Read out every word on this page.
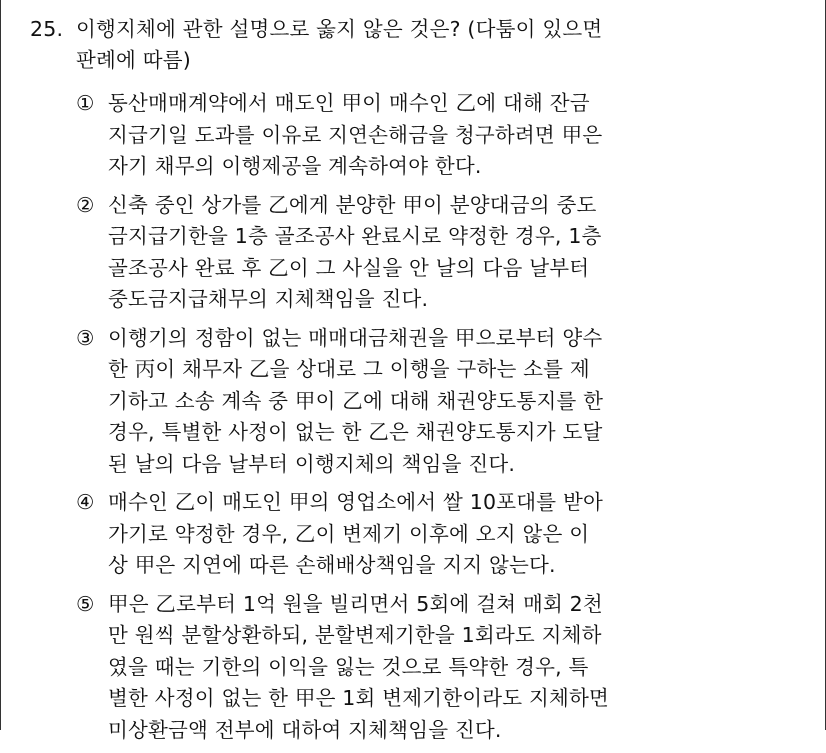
25. 이행지체에 관한 설명으로 옳지 않은 것은? (다툼이 있으면
판례에 따름)
① 동산매매계약에서 매도인 甲이 매수인 乙에 대해 잔금
지급기일 도과를 이유로 지연손해금을 청구하려면 甲은
자기 채무의 이행제공을 계속하여야 한다.
② 신축 중인 상가를 乙에게 분양한 甲이 분양대금의 중도
금지급기한을 1층 골조공사 완료시로 약정한 경우, 1층
골조공사 완료 후 乙이 그 사실을 안 날의 다음 날부터
중도금지급채무의 지체책임을 진다.
③ 이행기의 정함이 없는 매매대금채권을 甲으로부터 양수
한 丙이 채무자 乙을 상대로 그 이행을 구하는 소를 제
기하고 소송 계속 중 甲이 乙에 대해 채권양도통지를 한
경우, 특별한 사정이 없는 한 乙은 채권양도통지가 도달
된 날의 다음 날부터 이행지체의 책임을 진다.
④ 매수인 乙이 매도인 甲의 영업소에서 쌀 10포대를 받아
가기로 약정한 경우, 乙이 변제기 이후에 오지 않은 이
상 甲은 지연에 따른 손해배상책임을 지지 않는다.
⑤ 甲은 乙로부터 1억 원을 빌리면서 5회에 걸쳐 매회 2천
만 원씩 분할상환하되, 분할변제기한을 1회라도 지체하
였을 때는 기한의 이익을 잃는 것으로 특약한 경우, 특
별한 사정이 없는 한 甲은 1회 변제기한이라도 지체하면
미상환금액 전부에 대하여 지체책임을 진다.
